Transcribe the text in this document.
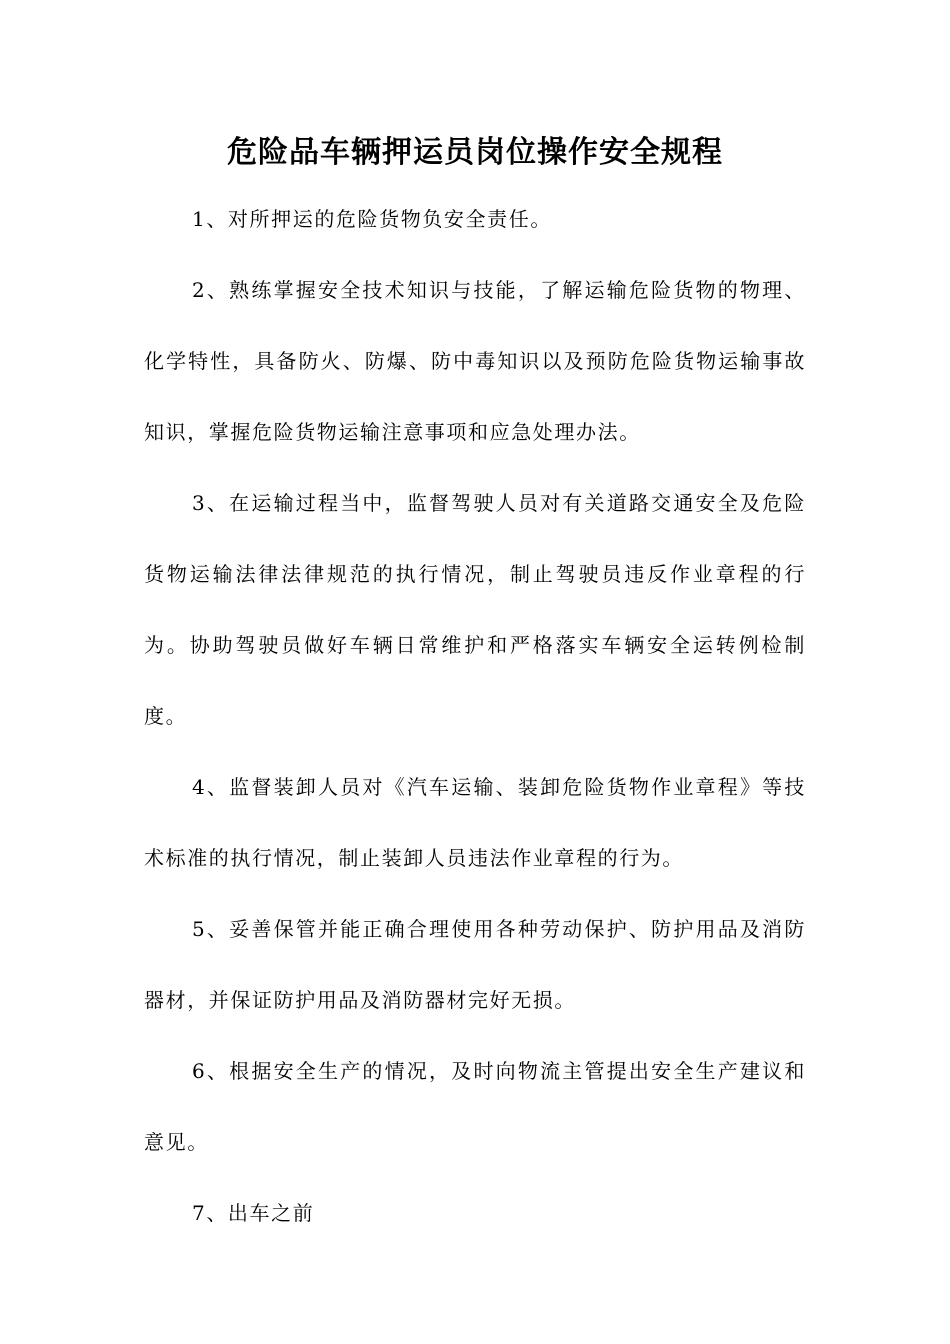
危险品车辆押运员岗位操作安全规程

1、对所押运的危险货物负安全责任。

2、熟练掌握安全技术知识与技能，了解运输危险货物的物理、化学特性，具备防火、防爆、防中毒知识以及预防危险货物运输事故知识，掌握危险货物运输注意事项和应急处理办法。

3、在运输过程当中，监督驾驶人员对有关道路交通安全及危险货物运输法律法律规范的执行情况，制止驾驶员违反作业章程的行为。协助驾驶员做好车辆日常维护和严格落实车辆安全运转例检制度。

4、监督装卸人员对《汽车运输、装卸危险货物作业章程》等技术标准的执行情况，制止装卸人员违法作业章程的行为。

5、妥善保管并能正确合理使用各种劳动保护、防护用品及消防器材，并保证防护用品及消防器材完好无损。

6、根据安全生产的情况，及时向物流主管提出安全生产建议和意见。

7、出车之前
